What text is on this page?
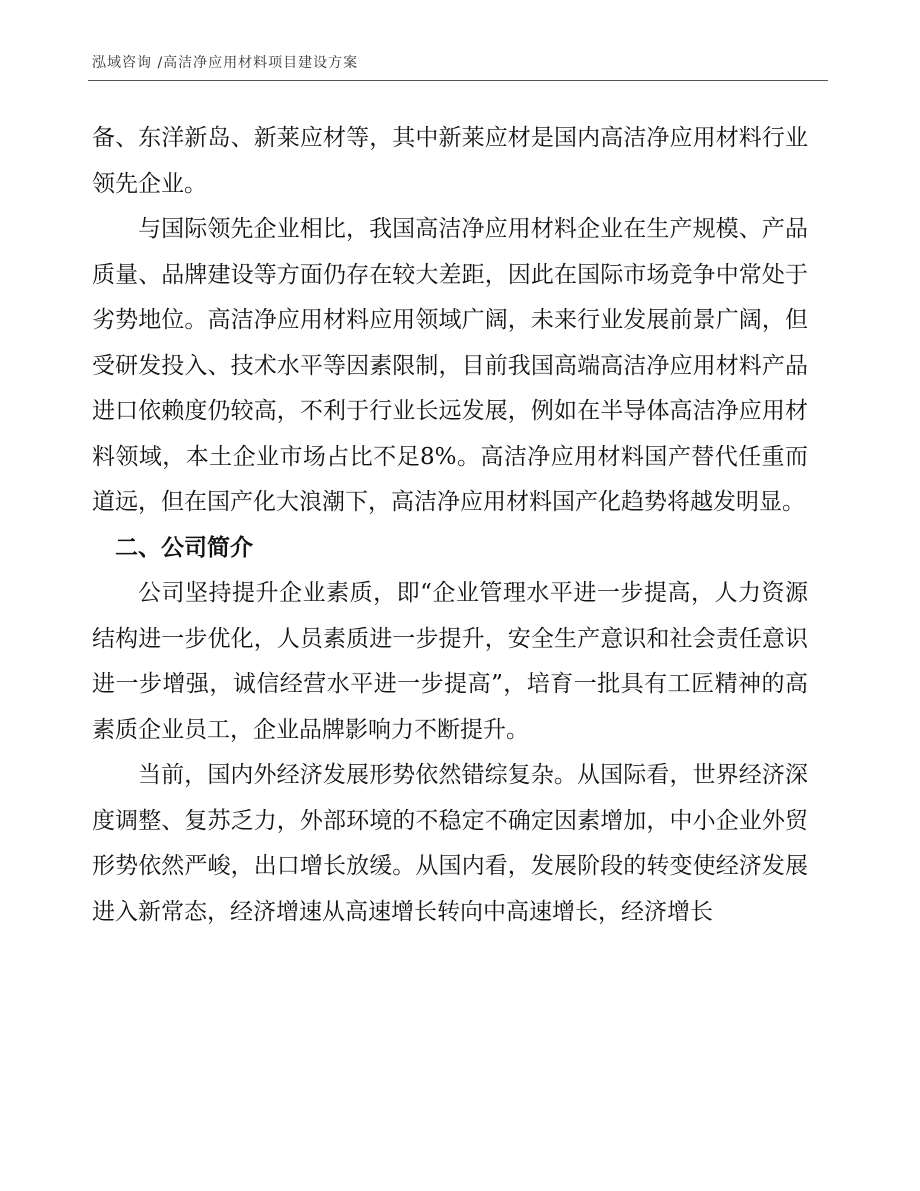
泓域咨询 /高洁净应用材料项目建设方案

备、东洋新岛、新莱应材等，其中新莱应材是国内高洁净应用材料行业领先企业。

与国际领先企业相比，我国高洁净应用材料企业在生产规模、产品质量、品牌建设等方面仍存在较大差距，因此在国际市场竞争中常处于劣势地位。高洁净应用材料应用领域广阔，未来行业发展前景广阔，但受研发投入、技术水平等因素限制，目前我国高端高洁净应用材料产品进口依赖度仍较高，不利于行业长远发展，例如在半导体高洁净应用材料领域，本土企业市场占比不足8%。高洁净应用材料国产替代任重而道远，但在国产化大浪潮下，高洁净应用材料国产化趋势将越发明显。

二、公司简介

公司坚持提升企业素质，即“企业管理水平进一步提高，人力资源结构进一步优化，人员素质进一步提升，安全生产意识和社会责任意识进一步增强，诚信经营水平进一步提高”，培育一批具有工匠精神的高素质企业员工，企业品牌影响力不断提升。

当前，国内外经济发展形势依然错综复杂。从国际看，世界经济深度调整、复苏乏力，外部环境的不稳定不确定因素增加，中小企业外贸形势依然严峻，出口增长放缓。从国内看，发展阶段的转变使经济发展进入新常态，经济增速从高速增长转向中高速增长，经济增长
